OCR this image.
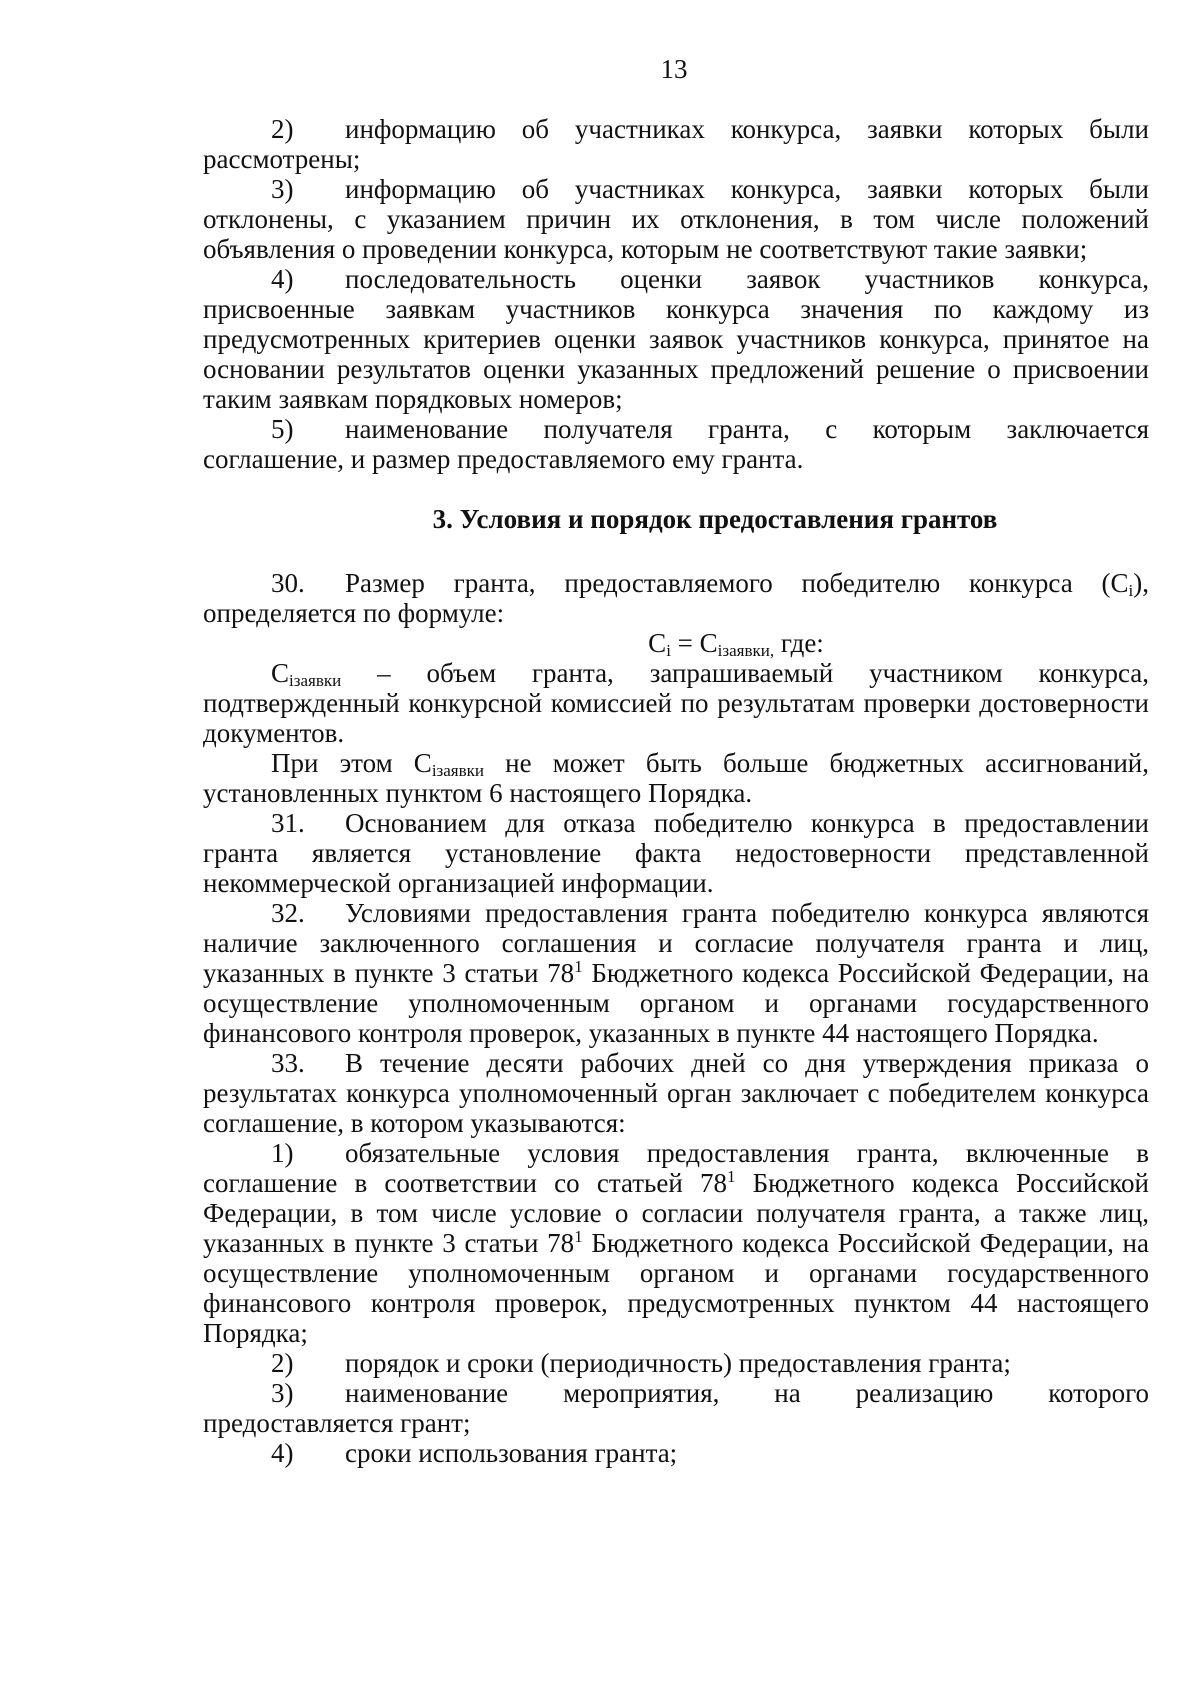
13

2) информацию об участниках конкурса, заявки которых были рассмотрены;

3) информацию об участниках конкурса, заявки которых были отклонены, с указанием причин их отклонения, в том числе положений объявления о проведении конкурса, которым не соответствуют такие заявки;

4) последовательность оценки заявок участников конкурса, присвоенные заявкам участников конкурса значения по каждому из предусмотренных критериев оценки заявок участников конкурса, принятое на основании результатов оценки указанных предложений решение о присвоении таким заявкам порядковых номеров;

5) наименование получателя гранта, с которым заключается соглашение, и размер предоставляемого ему гранта.

3. Условия и порядок предоставления грантов

30. Размер гранта, предоставляемого победителю конкурса $(С_i)$, определяется по формуле:

$С_i = С_{iзаявки,}$ где:

$С_{iзаявки}$ – объем гранта, запрашиваемый участником конкурса, подтвержденный конкурсной комиссией по результатам проверки достоверности документов.

При этом $С_{iзаявки}$ не может быть больше бюджетных ассигнований, установленных пунктом 6 настоящего Порядка.

31. Основанием для отказа победителю конкурса в предоставлении гранта является установление факта недостоверности представленной некоммерческой организацией информации.

32. Условиями предоставления гранта победителю конкурса являются наличие заключенного соглашения и согласие получателя гранта и лиц, указанных в пункте 3 статьи $78^1$ Бюджетного кодекса Российской Федерации, на осуществление уполномоченным органом и органами государственного финансового контроля проверок, указанных в пункте 44 настоящего Порядка.

33. В течение десяти рабочих дней со дня утверждения приказа о результатах конкурса уполномоченный орган заключает с победителем конкурса соглашение, в котором указываются:

1) обязательные условия предоставления гранта, включенные в соглашение в соответствии со статьей $78^1$ Бюджетного кодекса Российской Федерации, в том числе условие о согласии получателя гранта, а также лиц, указанных в пункте 3 статьи $78^1$ Бюджетного кодекса Российской Федерации, на осуществление уполномоченным органом и органами государственного финансового контроля проверок, предусмотренных пунктом 44 настоящего Порядка;

2) порядок и сроки (периодичность) предоставления гранта;

3) наименование мероприятия, на реализацию которого предоставляется грант;

4) сроки использования гранта;
